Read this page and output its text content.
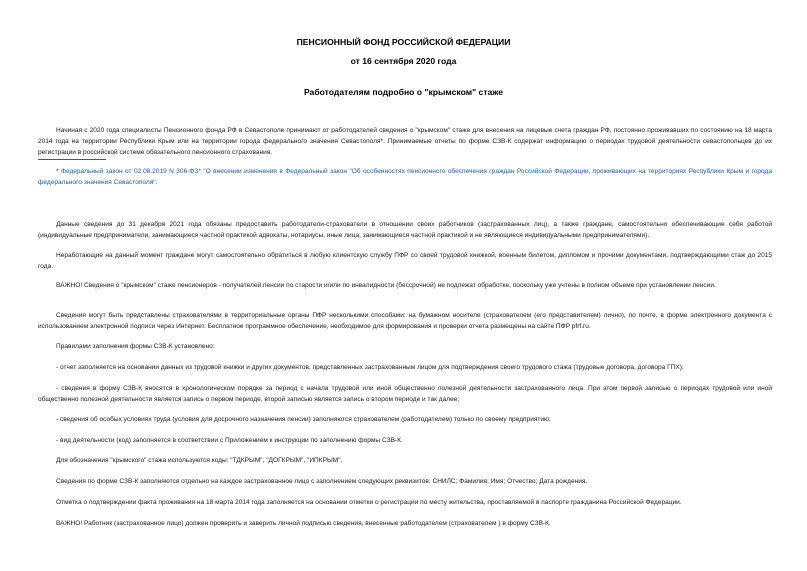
ПЕНСИОННЫЙ ФОНД РОССИЙСКОЙ ФЕДЕРАЦИИ
от 16 сентября 2020 года
Работодателям подробно о "крымском" стаже

Начиная с 2020 года специалисты Пенсионного фонда РФ в Севастополе принимают от работодателей сведения о "крымском" стаже для внесения на лицевые счета граждан РФ, постоянно проживавших по состоянию на 18 марта 2014 года на территории Республики Крым или на территории города федерального значения Севастополя*. Принимаемые отчеты по форме СЗВ-К содержат информацию о периодах трудовой деятельности севастопольцев до их регистрации в российской системе обязательного пенсионного страхования.

* Федеральный закон от 02.08.2019 N 306-ФЗ* "О внесении изменения в Федеральный закон "Об особенностях пенсионного обеспечения граждан Российской Федерации, проживающих на территориях Республики Крым и города федерального значения Севастополя".

Данные сведения до 31 декабря 2021 года обязаны предоставить работодатели-страхователи в отношении своих работников (застрахованных лиц), а также граждане, самостоятельно обеспечивающие себя работой (индивидуальные предприниматели, занимающиеся частной практикой адвокаты, нотариусы, иные лица, занимающиеся частной практикой и не являющиеся индивидуальными предпринимателями).

Неработающие на данный момент граждане могут самостоятельно обратиться в любую клиентскую службу ПФР со своей трудовой книжкой, военным билетом, дипломом и прочими документами, подтверждающими стаж до 2015 года.

ВАЖНО! Сведения о "крымском" стаже пенсионеров - получателей пенсии по старости и/или по инвалидности (бессрочной) не подлежат обработке, поскольку уже учтены в полном объеме при установлении пенсии.

Сведения могут быть представлены страхователями в территориальные органы ПФР несколькими способами: на бумажном носителе (страхователем (его представителем) лично), по почте, в форме электронного документа с использованием электронной подписи через Интернет. Бесплатное программное обеспечение, необходимое для формирования и проверки отчета размещены на сайте ПФР pfrf.ru.

Правилами заполнения формы СЗВ-К установлено:

- отчет заполняется на основании данных из трудовой книжки и других документов, представленных застрахованным лицом для подтверждения своего трудового стажа (трудовые договора, договора ГПХ);

- сведения в форму СЗВ-К вносятся в хронологическом порядке за период с начала трудовой или иной общественно полезной деятельности застрахованного лица. При этом первой записью о периодах трудовой или иной общественно полезной деятельности является запись о первом периоде, второй записью является запись о втором периоде и так далее;

- сведения об особых условиях труда (условия для досрочного назначения пенсии) заполняются страхователем (работодателем) только по своему предприятию;

- вид деятельности (код) заполняется в соответствии с Приложением к инструкции по заполнению формы СЗВ-К.

Для обозначения "крымского" стажа используются коды: "ТДКРЫМ", "ДОГКРЫМ", "ИПКРЫМ".

Сведения по форме СЗВ-К заполняются отдельно на каждое застрахованное лицо с заполнением следующих реквизитов: СНИЛС; Фамилия; Имя; Отчество; Дата рождения.

Отметка о подтверждении факта проживания на 18 марта 2014 года заполняется на основании отметки о регистрации по месту жительства, проставляемой в паспорте гражданина Российской Федерации.

ВАЖНО! Работник (застрахованное лицо) должен проверить и заверить личной подписью сведения, внесенные работодателем (страхователем ) в форму СЗВ-К.
